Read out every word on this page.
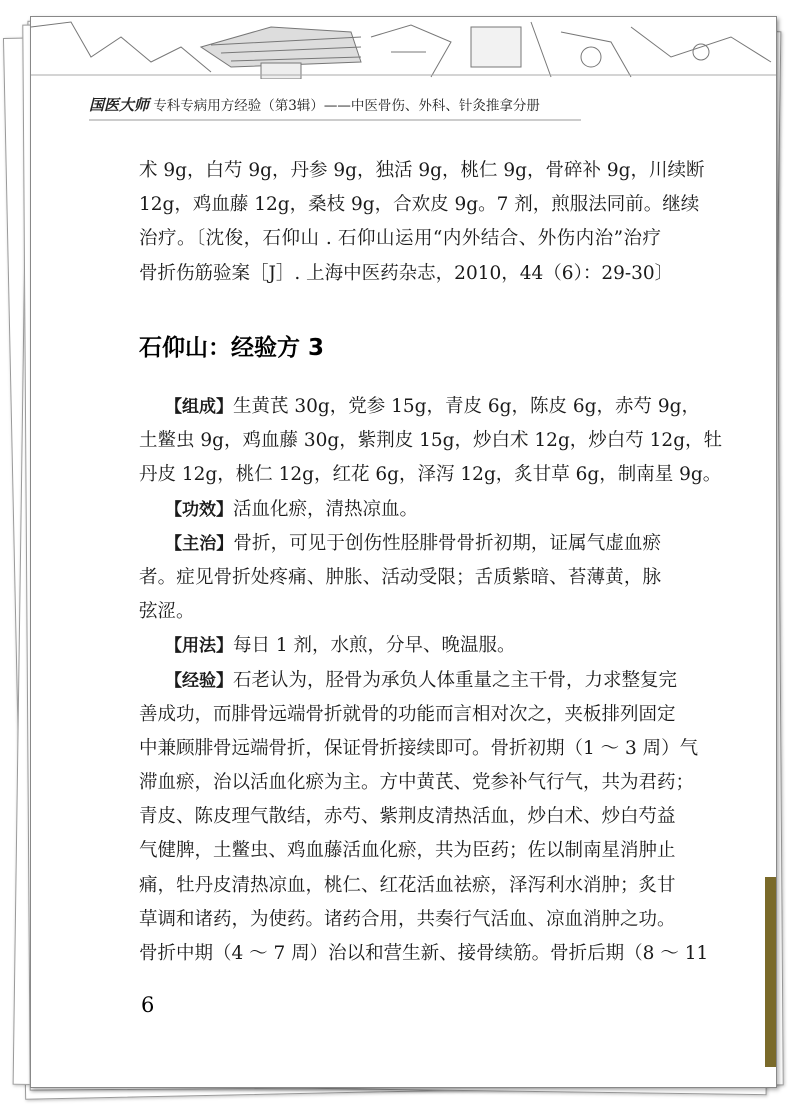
国医大师 专科专病用方经验（第3辑）——中医骨伤、外科、针灸推拿分册
术 9g，白芍 9g，丹参 9g，独活 9g，桃仁 9g，骨碎补 9g，川续断
12g，鸡血藤 12g，桑枝 9g，合欢皮 9g。7 剂，煎服法同前。继续
治疗。〔沈俊，石仰山 . 石仰山运用“内外结合、外伤内治”治疗
骨折伤筋验案［J］. 上海中医药杂志，2010，44（6）：29-30〕
石仰山：经验方 3
【组成】生黄芪 30g，党参 15g，青皮 6g，陈皮 6g，赤芍 9g，
土鳖虫 9g，鸡血藤 30g，紫荆皮 15g，炒白术 12g，炒白芍 12g，牡
丹皮 12g，桃仁 12g，红花 6g，泽泻 12g，炙甘草 6g，制南星 9g。
【功效】活血化瘀，清热凉血。
【主治】骨折，可见于创伤性胫腓骨骨折初期，证属气虚血瘀
者。症见骨折处疼痛、肿胀、活动受限；舌质紫暗、苔薄黄，脉
弦涩。
【用法】每日 1 剂，水煎，分早、晚温服。
【经验】石老认为，胫骨为承负人体重量之主干骨，力求整复完
善成功，而腓骨远端骨折就骨的功能而言相对次之，夹板排列固定
中兼顾腓骨远端骨折，保证骨折接续即可。骨折初期（1 ～ 3 周）气
滞血瘀，治以活血化瘀为主。方中黄芪、党参补气行气，共为君药；
青皮、陈皮理气散结，赤芍、紫荆皮清热活血，炒白术、炒白芍益
气健脾，土鳖虫、鸡血藤活血化瘀，共为臣药；佐以制南星消肿止
痛，牡丹皮清热凉血，桃仁、红花活血祛瘀，泽泻利水消肿；炙甘
草调和诸药，为使药。诸药合用，共奏行气活血、凉血消肿之功。
骨折中期（4 ～ 7 周）治以和营生新、接骨续筋。骨折后期（8 ～ 11
6
